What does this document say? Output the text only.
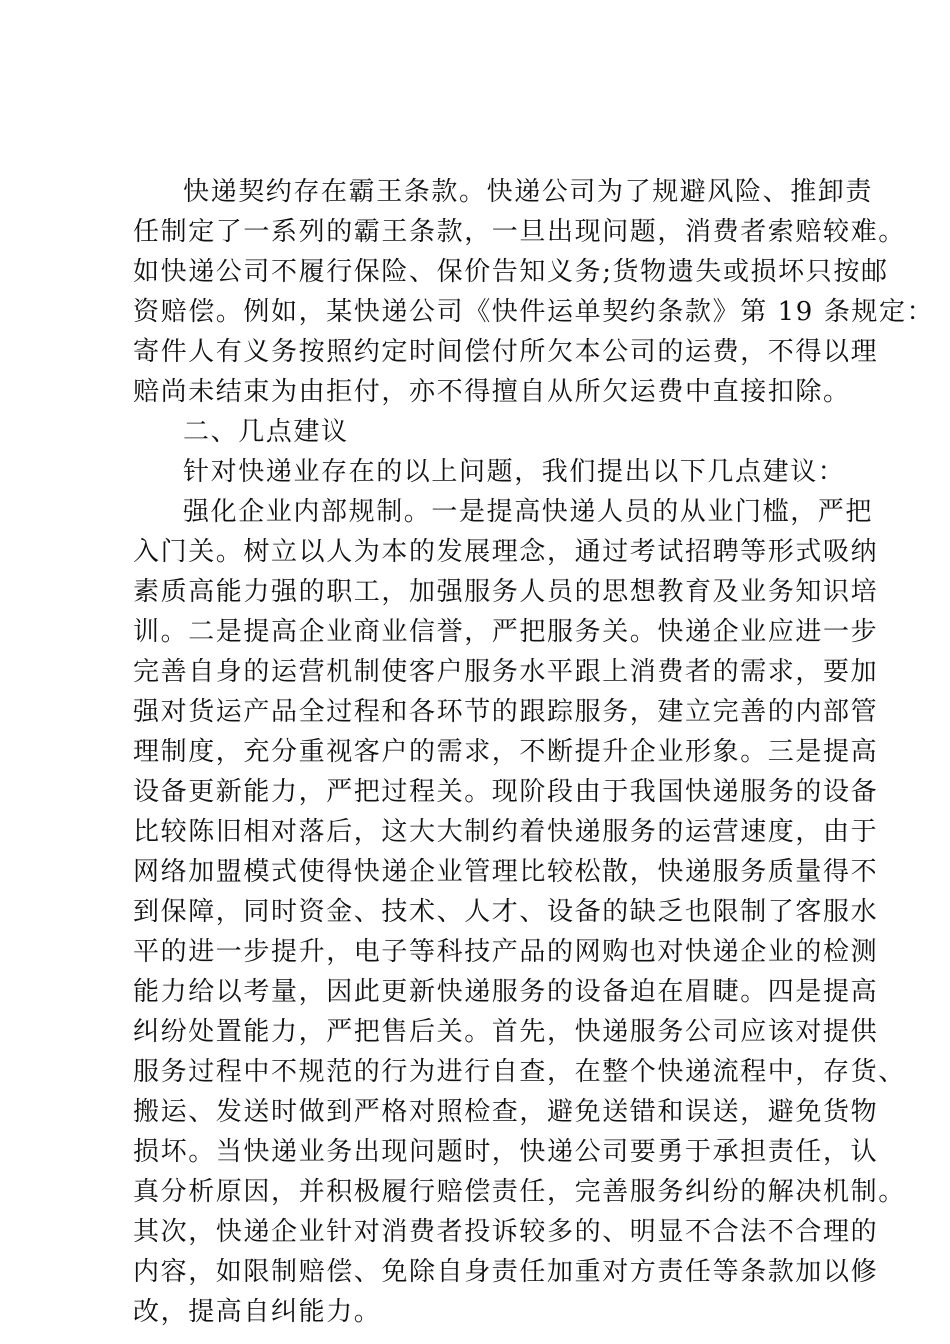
快递契约存在霸王条款。快递公司为了规避风险、推卸责
任制定了一系列的霸王条款，一旦出现问题，消费者索赔较难。
如快递公司不履行保险、保价告知义务;货物遗失或损坏只按邮
资赔偿。例如，某快递公司《快件运单契约条款》第 19 条规定：
寄件人有义务按照约定时间偿付所欠本公司的运费，不得以理
赔尚未结束为由拒付，亦不得擅自从所欠运费中直接扣除。
二、几点建议
针对快递业存在的以上问题，我们提出以下几点建议：
强化企业内部规制。一是提高快递人员的从业门槛，严把
入门关。树立以人为本的发展理念，通过考试招聘等形式吸纳
素质高能力强的职工，加强服务人员的思想教育及业务知识培
训。二是提高企业商业信誉，严把服务关。快递企业应进一步
完善自身的运营机制使客户服务水平跟上消费者的需求，要加
强对货运产品全过程和各环节的跟踪服务，建立完善的内部管
理制度，充分重视客户的需求，不断提升企业形象。三是提高
设备更新能力，严把过程关。现阶段由于我国快递服务的设备
比较陈旧相对落后，这大大制约着快递服务的运营速度，由于
网络加盟模式使得快递企业管理比较松散，快递服务质量得不
到保障，同时资金、技术、人才、设备的缺乏也限制了客服水
平的进一步提升，电子等科技产品的网购也对快递企业的检测
能力给以考量，因此更新快递服务的设备迫在眉睫。四是提高
纠纷处置能力，严把售后关。首先，快递服务公司应该对提供
服务过程中不规范的行为进行自查，在整个快递流程中，存货、
搬运、发送时做到严格对照检查，避免送错和误送，避免货物
损坏。当快递业务出现问题时，快递公司要勇于承担责任，认
真分析原因，并积极履行赔偿责任，完善服务纠纷的解决机制。
其次，快递企业针对消费者投诉较多的、明显不合法不合理的
内容，如限制赔偿、免除自身责任加重对方责任等条款加以修
改，提高自纠能力。
